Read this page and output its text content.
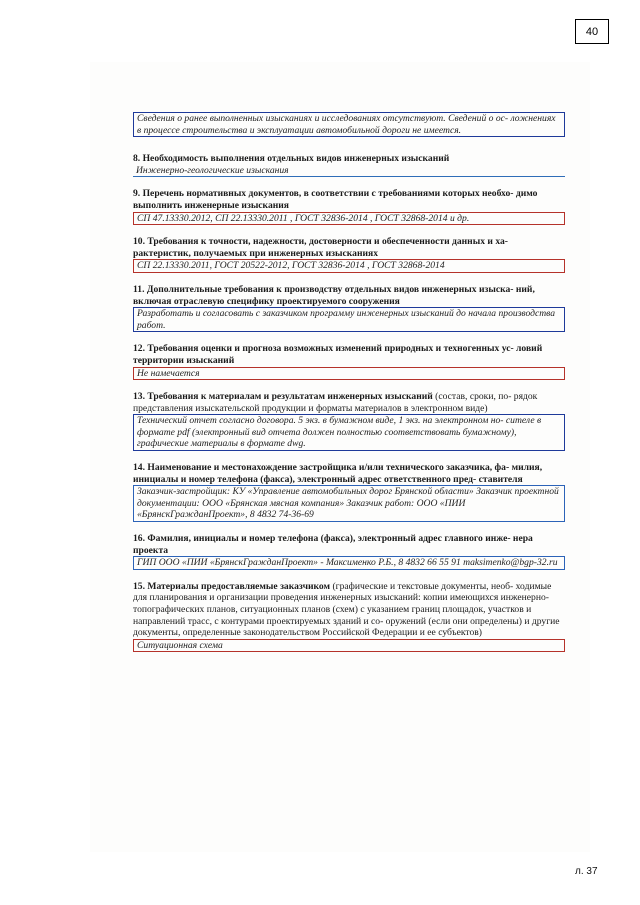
40
Сведения о ранее выполненных изысканиях и исследованиях отсутствуют. Сведений о ос- ложнениях в процессе строительства и эксплуатации автомобильной дороги не имеется.
8. Необходимость выполнения отдельных видов инженерных изысканий
Инженерно-геологические изыскания
9. Перечень нормативных документов, в соответствии с требованиями которых необхо- димо выполнить инженерные изыскания
СП 47.13330.2012, СП 22.13330.2011 , ГОСТ 32836-2014 , ГОСТ 32868-2014 и др.
10. Требования к точности, надежности, достоверности и обеспеченности данных и ха- рактеристик, получаемых при инженерных изысканиях
СП 22.13330.2011, ГОСТ 20522-2012, ГОСТ 32836-2014 , ГОСТ 32868-2014
11. Дополнительные требования к производству отдельных видов инженерных изыска- ний, включая отраслевую специфику проектируемого сооружения
Разработать и согласовать с заказчиком программу инженерных изысканий до начала производства работ.
12. Требования оценки и прогноза возможных изменений природных и техногенных ус- ловий территории изысканий
Не намечается
13. Требования к материалам и результатам инженерных изысканий (состав, сроки, по- рядок представления изыскательской продукции и форматы материалов в электронном виде)
Технический отчет согласно договора. 5 экз. в бумажном виде, 1 экз. на электронном но- сителе в формате pdf (электронный вид отчета должен полностью соответствовать бумажному), графические материалы в формате dwg.
14. Наименование и местонахождение застройщика и/или технического заказчика, фа- милия, инициалы и номер телефона (факса), электронный адрес ответственного пред- ставителя
Заказчик-застройщик: КУ «Управление автомобильных дорог Брянской области» Заказчик проектной документации: ООО «Брянская мясная компания» Заказчик работ: ООО «ПИИ «БрянскГражданПроект», 8 4832 74-36-69
16. Фамилия, инициалы и номер телефона (факса), электронный адрес главного инже- нера проекта
ГИП ООО «ПИИ «БрянскГражданПроект» - Максименко Р.Б., 8 4832 66 55 91 maksimenko@bgp-32.ru
15. Материалы предоставляемые заказчиком (графические и текстовые документы, необ- ходимые для планирования и организации проведения инженерных изысканий: копии имеющихся инженерно-топографических планов, ситуационных планов (схем) с указанием границ площадок, участков и направлений трасс, с контурами проектируемых зданий и со- оружений (если они определены) и другие документы, определенные законодательством Российской Федерации и ее субъектов)
Ситуационная схема
л. 37
